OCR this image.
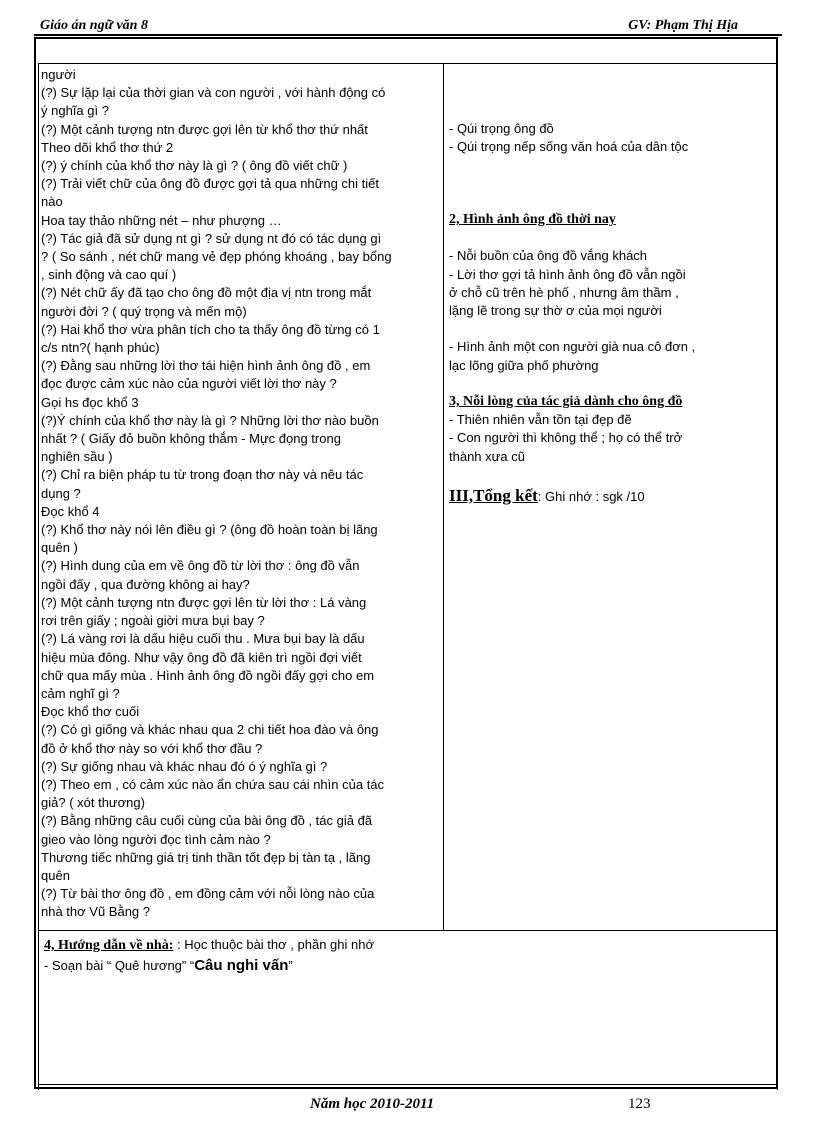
Giáo án ngữ văn 8	GV: Phạm Thị Hịa
người
(?) Sự lặp lại của thời gian và con người , với hành động có
ý nghĩa gì ?
(?) Một cảnh tượng ntn được gợi lên từ khổ thơ thứ nhất
Theo dõi khổ thơ thứ 2
(?) ý chính của khổ thơ này là gì ? ( ông đồ viết chữ )
(?) Trải viết chữ của ông đồ được gợi tả qua những chi tiết
nào
Hoa tay thảo những nét – như phượng …
(?) Tác giả đã sử dụng nt gì ? sử dụng nt đó có tác dụng gì
? ( So sánh , nét chữ mang vẻ đẹp phóng khoáng , bay bổng
, sinh động và cao quí )
(?) Nét chữ ấy đã tạo cho ông đồ một địa vị ntn trong mắt
người đời ? ( quý trọng và mến mộ)
(?) Hai khổ thơ vừa phân tích cho ta thấy ông đồ từng có 1
c/s ntn?( hạnh phúc)
(?) Đằng sau những lời thơ tái hiện hình ảnh ông đồ , em
đọc được cảm xúc nào của người viết lời thơ này ?
Gọi hs đọc khổ 3
(?)Ý chính của khổ thơ này là gì ? Những lời thơ nào buồn
nhất ? ( Giấy đỏ buồn không thắm - Mực đọng trong
nghiên sầu )
(?) Chỉ ra biện pháp tu từ trong đoạn thơ này và nêu tác
dụng ?
Đọc khổ 4
(?) Khổ thơ này nói lên điều gì ? (ông đồ hoàn toàn bị lãng
quên )
(?) Hình dung của em về ông đồ từ lời thơ : ông đồ vẫn
ngồi đấy , qua đường không ai hay?
(?) Một cảnh tượng ntn được gợi lên từ lời thơ : Lá vàng
rơi trên giấy ; ngoài giời mưa bụi bay ?
(?) Lá vàng rơi là dấu hiệu cuối thu . Mưa bụi bay là dấu
hiệu mùa đông. Như vậy ông đồ đã kiên trì ngồi đợi viết
chữ qua mấy mùa . Hình ảnh ông đồ ngồi đấy gợi cho em
cảm nghĩ gì ?
Đọc khổ thơ cuối
(?) Có gì giống và khác nhau qua 2 chi tiết hoa đào và ông
đồ ở khổ thơ này so với khổ thơ đầu ?
(?) Sự giống nhau và khác nhau đó ó ý nghĩa gì ?
(?) Theo em , có cảm xúc nào ẩn chứa sau cái nhìn của tác
giả? ( xót thương)
(?) Bằng những câu cuối cùng của bài ông đồ , tác giả đã
gieo vào lòng người đọc tình cảm nào ?
Thương tiếc những giá trị tinh thần tốt đẹp bị tàn tạ , lãng
quên
(?) Từ bài thơ ông đồ , em đồng cảm với nỗi lòng nào của
nhà thơ Vũ Bằng ?
- Qúi trọng ông đồ
- Qúi trọng nếp sống văn hoá của dân tộc
2, Hình ảnh ông đồ thời nay
- Nỗi buồn của ông đồ vắng khách
- Lời thơ gợi tả hình ảnh ông đồ vẫn ngồi
ở chỗ cũ trên hè phố , nhưng âm thầm ,
lặng lẽ trong sự thờ ơ của mọi người
- Hình ảnh một con người già nua cô đơn ,
lạc lõng giữa phố phường
3, Nỗi lòng của tác giả dành cho ông đồ
- Thiên nhiên vẫn tồn tại đẹp đẽ
- Con người thì không thể ; họ có thể trở
thành xưa cũ
III,Tổng kết: Ghi nhớ : sgk /10
4, Hướng dẫn về nhà: : Học thuộc bài thơ , phần ghi nhớ
- Soạn bài “ Quê hương” “Câu nghi vấn”
Năm học 2010-2011	123
